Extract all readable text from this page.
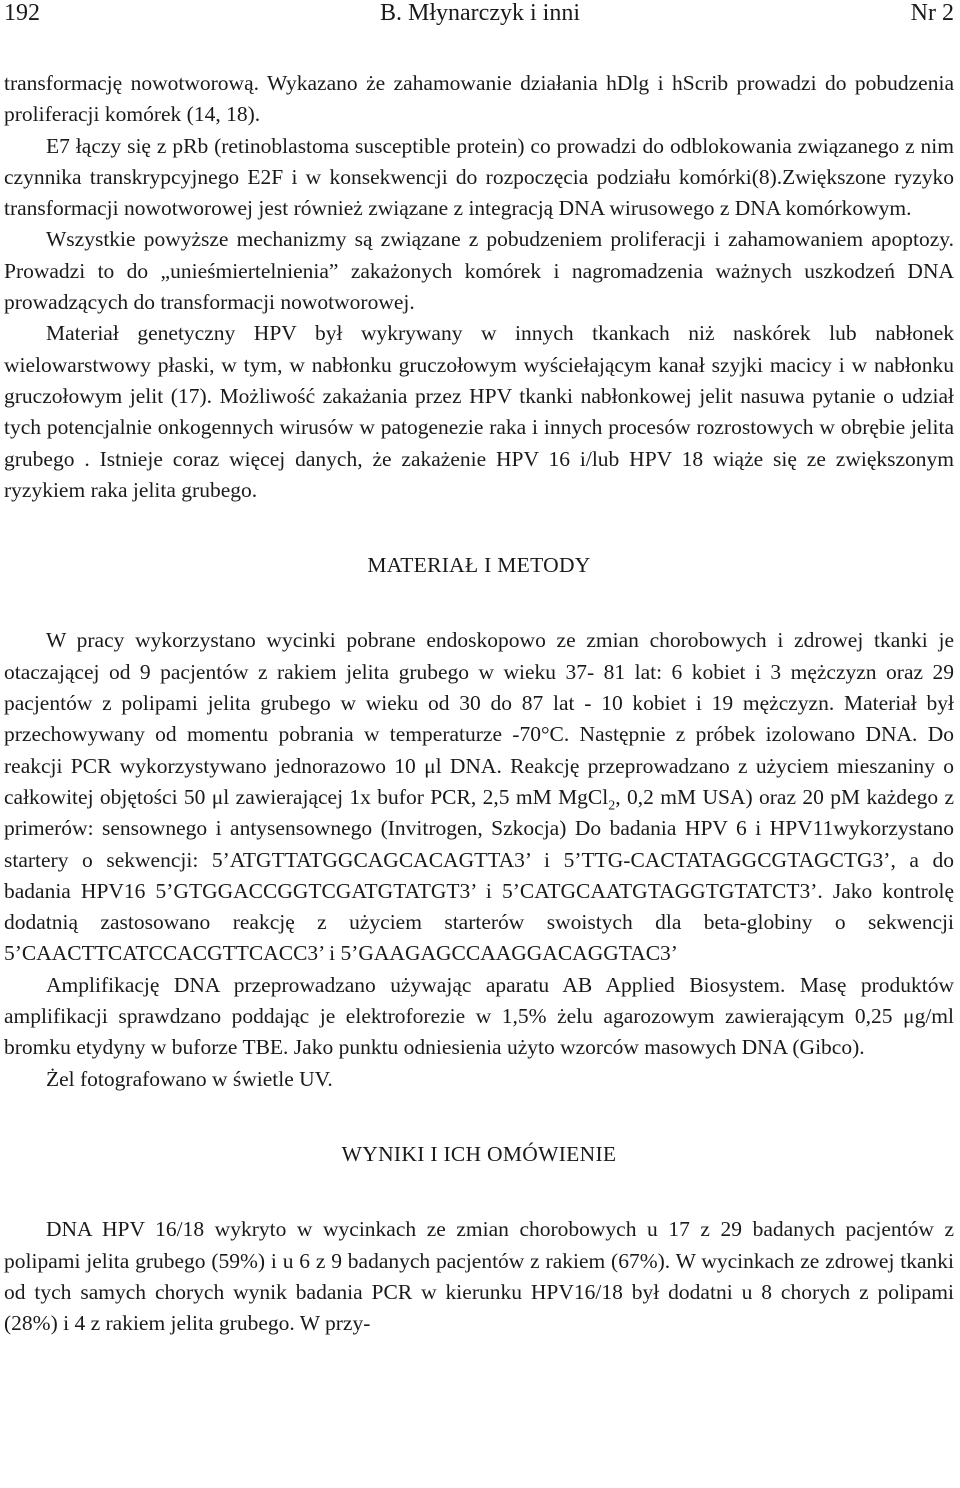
192	B. Młynarczyk i inni	Nr 2

transformację nowotworową. Wykazano że zahamowanie działania hDlg i hScrib prowadzi do pobudzenia proliferacji komórek (14, 18).

E7 łączy się z pRb (retinoblastoma susceptible protein) co prowadzi do odblokowania związanego z nim czynnika transkrypcyjnego E2F i w konsekwencji do rozpoczęcia podziału komórki(8).Zwiększone ryzyko transformacji nowotworowej jest również związane z integracją DNA wirusowego z DNA komórkowym.

Wszystkie powyższe mechanizmy są związane z pobudzeniem proliferacji i zahamowaniem apoptozy. Prowadzi to do „unieśmiertelnienia” zakażonych komórek i nagromadzenia ważnych uszkodzeń DNA prowadzących do transformacji nowotworowej.

Materiał genetyczny HPV był wykrywany w innych tkankach niż naskórek lub nabłonek wielowarstwowy płaski, w tym, w nabłonku gruczołowym wyściełającym kanał szyjki macicy i w nabłonku gruczołowym jelit (17). Możliwość zakażania przez HPV tkanki nabłonkowej jelit nasuwa pytanie o udział tych potencjalnie onkogennych wirusów w patogenezie raka i innych procesów rozrostowych w obrębie jelita grubego . Istnieje coraz więcej danych, że zakażenie HPV 16 i/lub HPV 18 wiąże się ze zwiększonym ryzykiem raka jelita grubego.

MATERIAŁ I METODY

W pracy wykorzystano wycinki pobrane endoskopowo ze zmian chorobowych i zdrowej tkanki je otaczającej od 9 pacjentów z rakiem jelita grubego w wieku 37- 81 lat: 6 kobiet i 3 mężczyzn oraz 29 pacjentów z polipami jelita grubego w wieku od 30 do 87 lat - 10 kobiet i 19 mężczyzn. Materiał był przechowywany od momentu pobrania w temperaturze -70°C. Następnie z próbek izolowano DNA. Do reakcji PCR wykorzystywano jednorazowo 10 μl DNA. Reakcję przeprowadzano z użyciem mieszaniny o całkowitej objętości 50 μl zawierającej 1x bufor PCR, 2,5 mM MgCl$_2$, 0,2 mM USA) oraz 20 pM każdego z primerów: sensownego i antysensownego (Invitrogen, Szkocja) Do badania HPV 6 i HPV11wykorzystano startery o sekwencji: 5’ATGTTATGGCAGCACAGTTA3’ i 5’TTG-CACTATAGGCGTAGCTG3’, a do badania HPV16 5’GTGGACCGGTCGATGTATGT3’ i 5’CATGCAATGTAGGTGTATCT3’. Jako kontrolę dodatnią zastosowano reakcję z użyciem starterów swoistych dla beta-globiny o sekwencji 5’CAACTTCATCCACGTTCACC3’ i 5’GAAGAGCCAAGGACAGGTAC3’

Amplifikację DNA przeprowadzano używając aparatu AB Applied Biosystem. Masę produktów amplifikacji sprawdzano poddając je elektroforezie w 1,5% żelu agarozowym zawierającym 0,25 μg/ml bromku etydyny w buforze TBE. Jako punktu odniesienia użyto wzorców masowych DNA (Gibco).

Żel fotografowano w świetle UV.

WYNIKI I ICH OMÓWIENIE

DNA HPV 16/18 wykryto w wycinkach ze zmian chorobowych u 17 z 29 badanych pacjentów z polipami jelita grubego (59%) i u 6 z 9 badanych pacjentów z rakiem (67%). W wycinkach ze zdrowej tkanki od tych samych chorych wynik badania PCR w kierunku HPV16/18 był dodatni u 8 chorych z polipami (28%) i 4 z rakiem jelita grubego. W przy-
